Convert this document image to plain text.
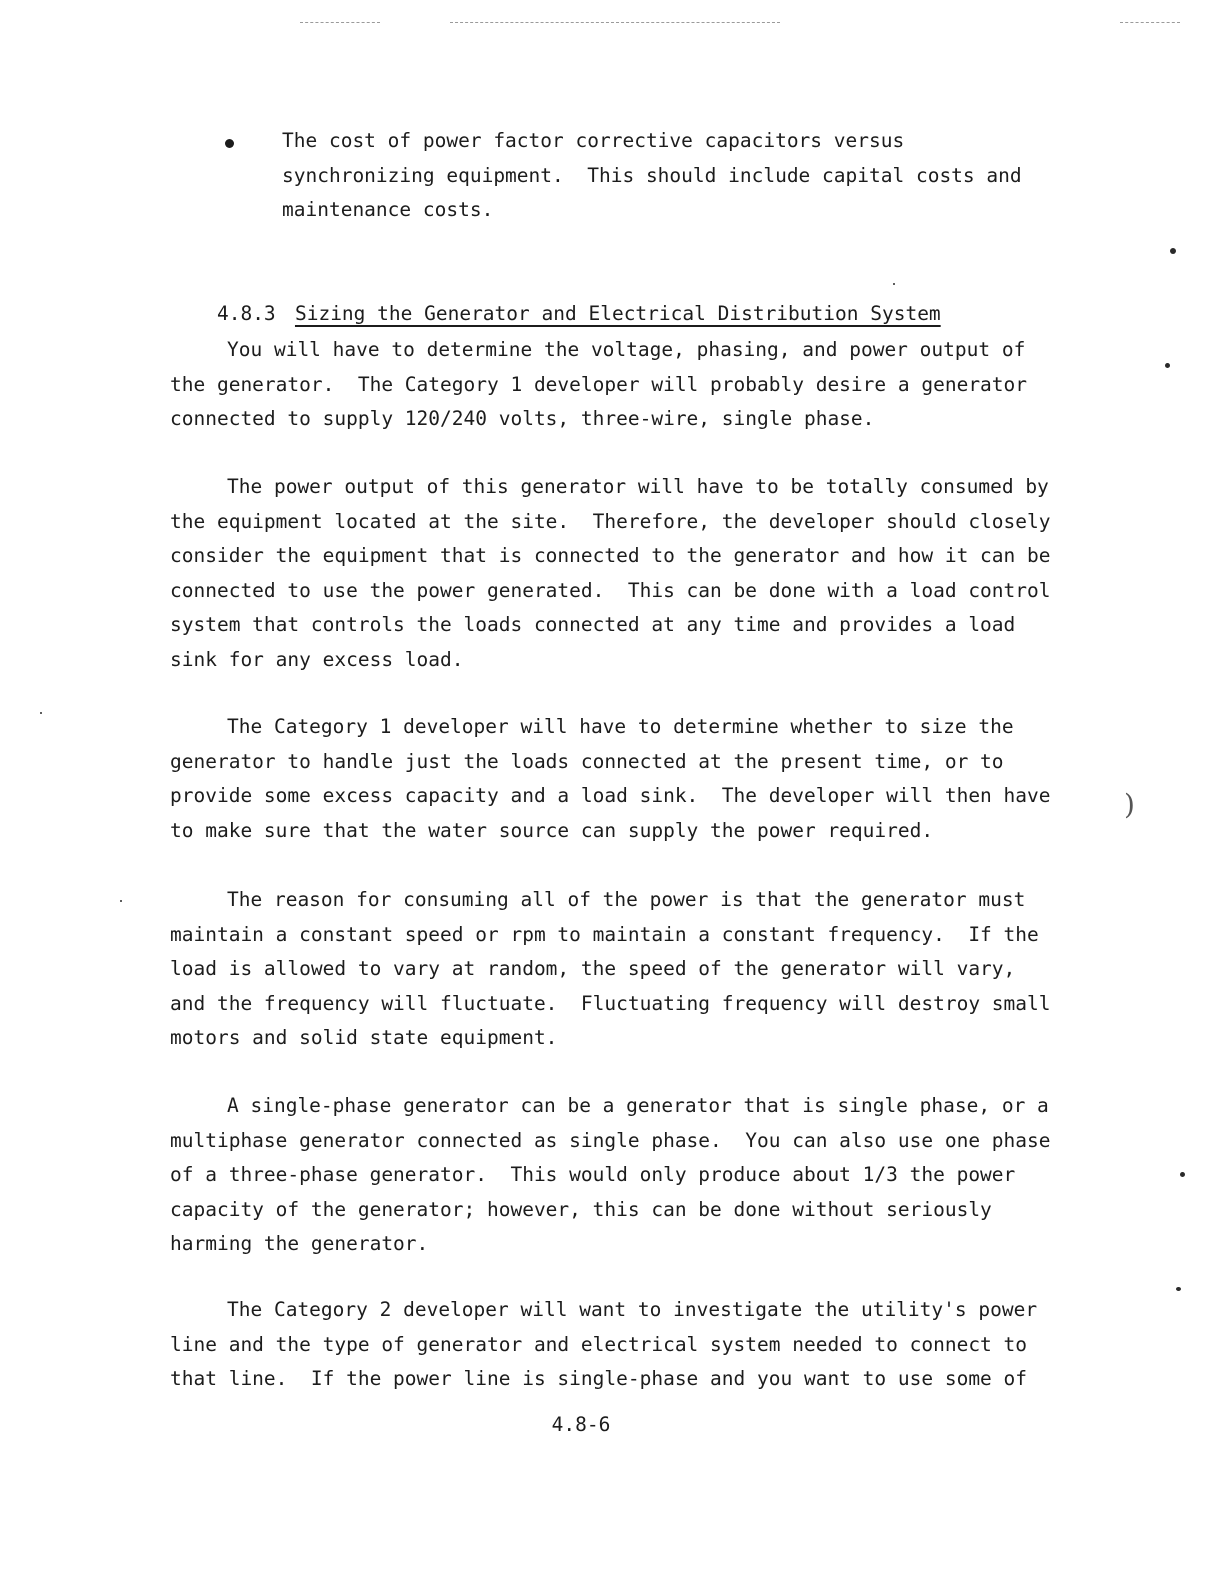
The cost of power factor corrective capacitors versus
synchronizing equipment.  This should include capital costs and
maintenance costs.

4.8.3 Sizing the Generator and Electrical Distribution System

You will have to determine the voltage, phasing, and power output of
the generator.  The Category 1 developer will probably desire a generator
connected to supply 120/240 volts, three-wire, single phase.
The power output of this generator will have to be totally consumed by
the equipment located at the site.  Therefore, the developer should closely
consider the equipment that is connected to the generator and how it can be
connected to use the power generated.  This can be done with a load control
system that controls the loads connected at any time and provides a load
sink for any excess load.
The Category 1 developer will have to determine whether to size the
generator to handle just the loads connected at the present time, or to
provide some excess capacity and a load sink.  The developer will then have
to make sure that the water source can supply the power required.
The reason for consuming all of the power is that the generator must
maintain a constant speed or rpm to maintain a constant frequency.  If the
load is allowed to vary at random, the speed of the generator will vary,
and the frequency will fluctuate.  Fluctuating frequency will destroy small
motors and solid state equipment.
A single-phase generator can be a generator that is single phase, or a
multiphase generator connected as single phase.  You can also use one phase
of a three-phase generator.  This would only produce about 1/3 the power
capacity of the generator; however, this can be done without seriously
harming the generator.
The Category 2 developer will want to investigate the utility's power
line and the type of generator and electrical system needed to connect to
that line.  If the power line is single-phase and you want to use some of
4.8-6
)
